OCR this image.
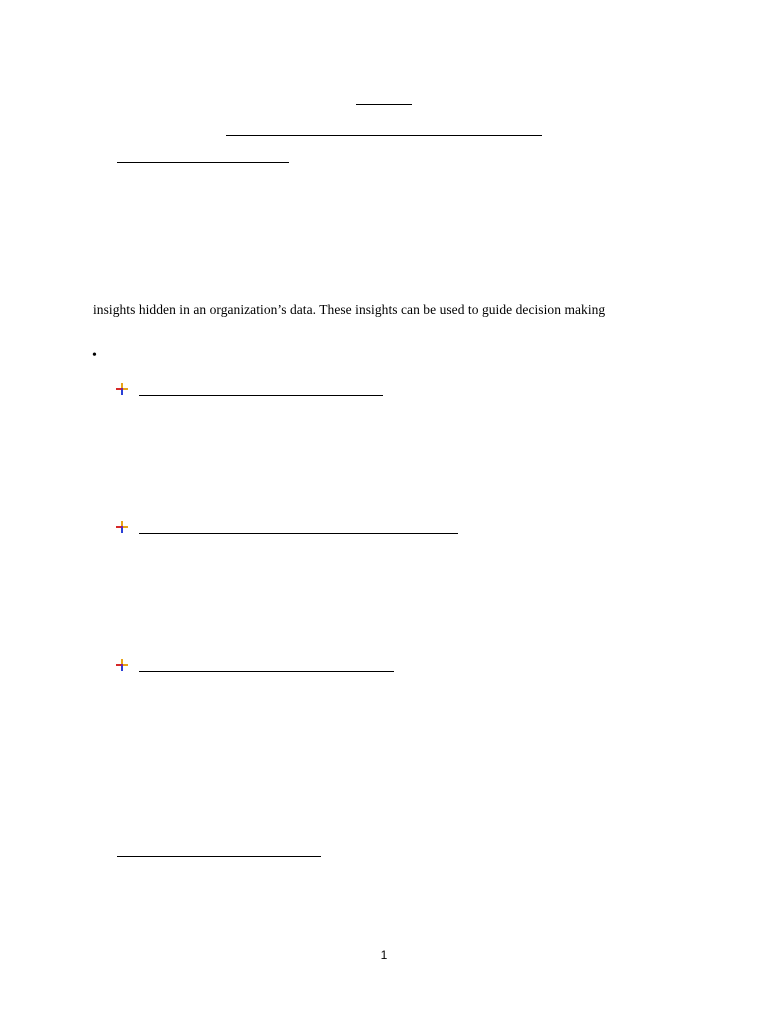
insights hidden in an organization’s data. These insights can be used to guide decision making
•
1
